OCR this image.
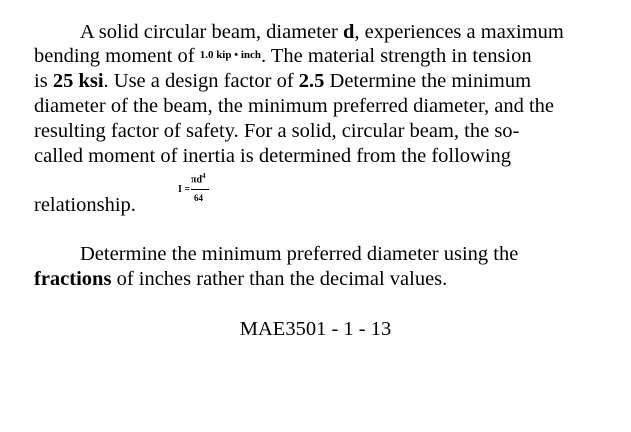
A solid circular beam, diameter d, experiences a maximum
bending moment of 1.0 kip • inch. The material strength in tension
is 25 ksi. Use a design factor of 2.5 Determine the minimum
diameter of the beam, the minimum preferred diameter, and the
resulting factor of safety. For a solid, circular beam, the so-
called moment of inertia is determined from the following
relationship.
I =
$\pi d^4$
64
Determine the minimum preferred diameter using the
fractions of inches rather than the decimal values.
MAE3501 - 1 - 13
